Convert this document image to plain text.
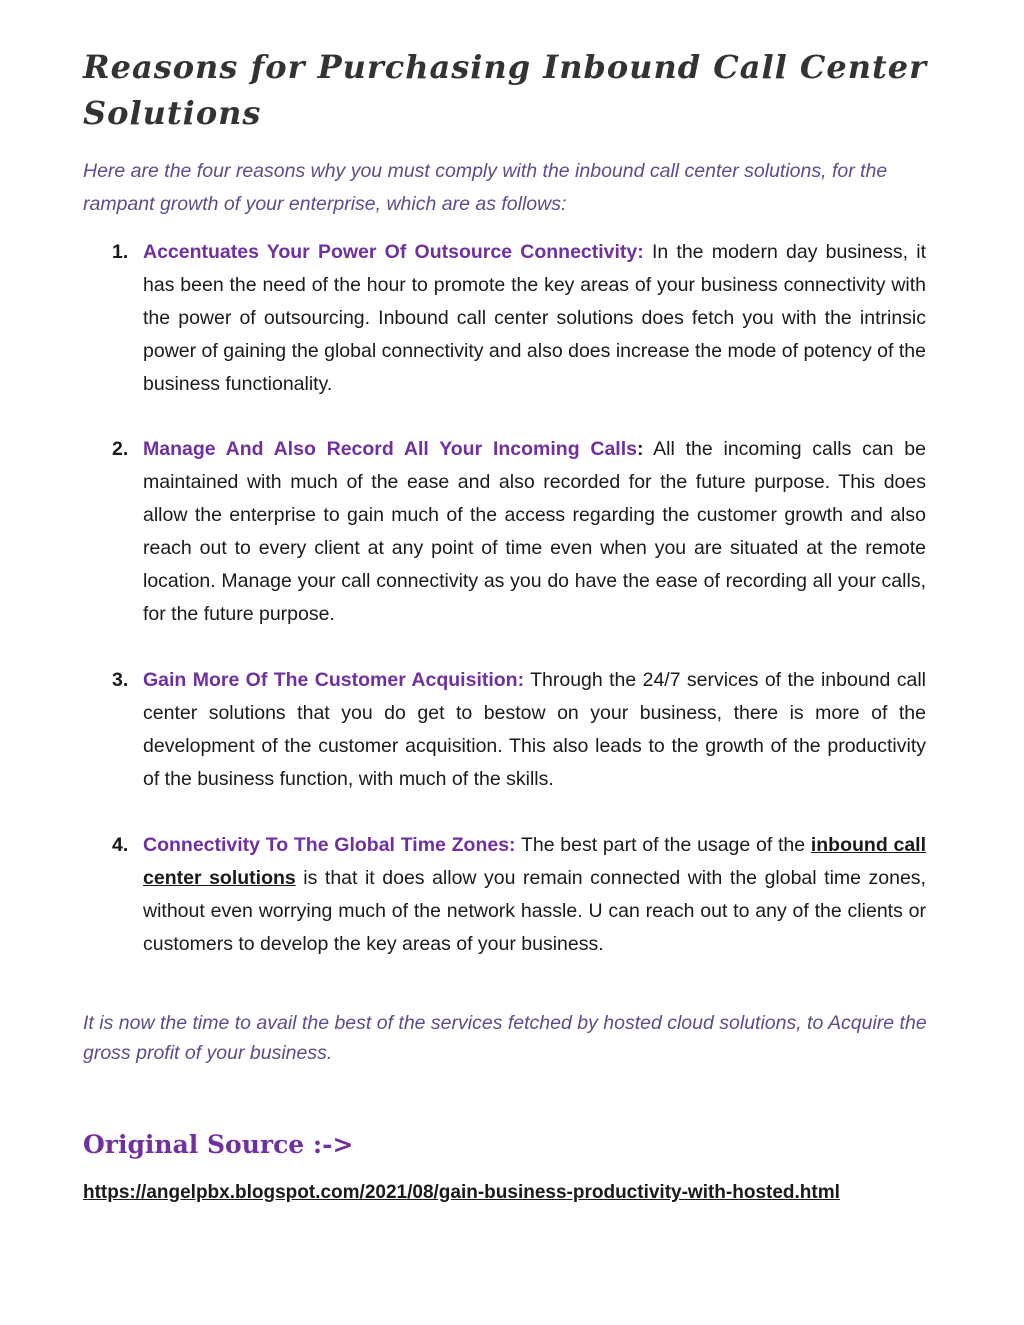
Reasons for Purchasing Inbound Call Center
Solutions

Here are the four reasons why you must comply with the inbound call center solutions, for the rampant growth of your enterprise, which are as follows:

1. Accentuates Your Power Of Outsource Connectivity: In the modern day business, it has been the need of the hour to promote the key areas of your business connectivity with the power of outsourcing. Inbound call center solutions does fetch you with the intrinsic power of gaining the global connectivity and also does increase the mode of potency of the business functionality.
2. Manage And Also Record All Your Incoming Calls: All the incoming calls can be maintained with much of the ease and also recorded for the future purpose. This does allow the enterprise to gain much of the access regarding the customer growth and also reach out to every client at any point of time even when you are situated at the remote location. Manage your call connectivity as you do have the ease of recording all your calls, for the future purpose.
3. Gain More Of The Customer Acquisition: Through the 24/7 services of the inbound call center solutions that you do get to bestow on your business, there is more of the development of the customer acquisition. This also leads to the growth of the productivity of the business function, with much of the skills.
4. Connectivity To The Global Time Zones: The best part of the usage of the inbound call center solutions is that it does allow you remain connected with the global time zones, without even worrying much of the network hassle. U can reach out to any of the clients or customers to develop the key areas of your business.

It is now the time to avail the best of the services fetched by hosted cloud solutions, to Acquire the gross profit of your business.

Original Source :->
https://angelpbx.blogspot.com/2021/08/gain-business-productivity-with-hosted.html
